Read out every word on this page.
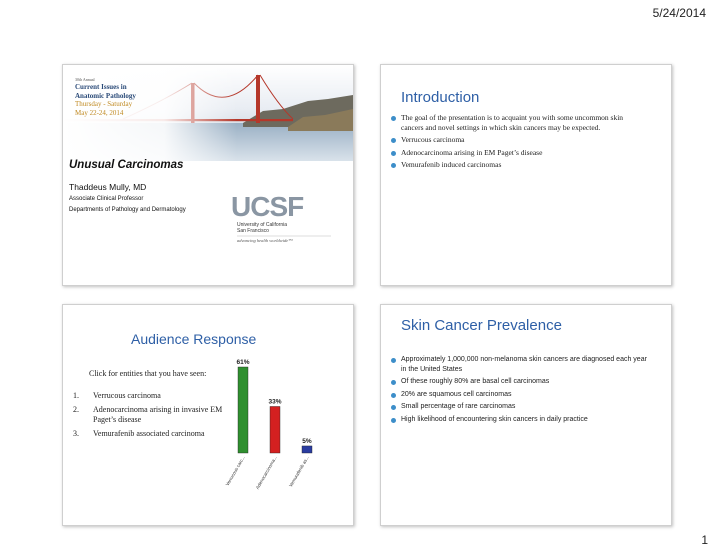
5/24/2014
30th Annual
Current Issues in
Anatomic Pathology
Thursday - Saturday
May 22-24, 2014
Unusual Carcinomas
Thaddeus Mully, MD
Associate Clinical Professor
Departments of Pathology and Dermatology UCSF
University of California
San Francisco
advancing health worldwide™
Introduction
The goal of the presentation is to acquaint you with some uncommon skin cancers and novel settings in which skin cancers may be expected.
Verrucous carcinoma
Adenocarcinoma arising in EM Paget’s disease
Vemurafenib induced carcinomas
Audience Response
Click for entities that you have seen:
1. Verrucous carcinoma
2. Adenocarcinoma arising in invasive EM Paget’s disease
3. Vemurafenib associated carcinoma
61%
Verrucous carc...
33%
Adenocarcinoma...
5%
Vemurafenib as...
Skin Cancer Prevalence
Approximately 1,000,000 non-melanoma skin cancers are diagnosed each year in the United States
Of these roughly 80% are basal cell carcinomas
20% are squamous cell carcinomas
Small percentage of rare carcinomas
High likelihood of encountering skin cancers in daily practice
1
